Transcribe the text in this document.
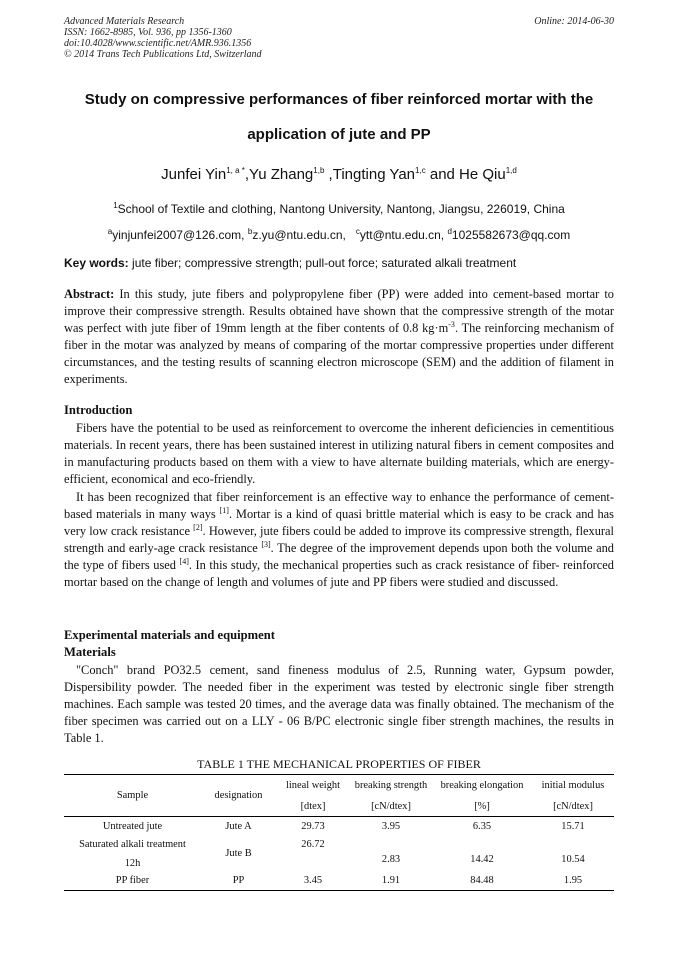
Advanced Materials Research
ISSN: 1662-8985, Vol. 936, pp 1356-1360
doi:10.4028/www.scientific.net/AMR.936.1356
© 2014 Trans Tech Publications Ltd, Switzerland
Online: 2014-06-30
Study on compressive performances of fiber reinforced mortar with the
application of jute and PP
Junfei Yin$^{1, a *}$,Yu Zhang$^{1,b}$ ,Tingting Yan$^{1,c}$ and He Qiu$^{1,d}$
$^1$School of Textile and clothing, Nantong University, Nantong, Jiangsu, 226019, China
$^a$yinjunfei2007@126.com, $^b$z.yu@ntu.edu.cn, $^c$ytt@ntu.edu.cn, $^d$1025582673@qq.com
Key words: jute fiber; compressive strength; pull-out force; saturated alkali treatment
Abstract: In this study, jute fibers and polypropylene fiber (PP) were added into cement-based mortar to improve their compressive strength. Results obtained have shown that the compressive strength of the motar was perfect with jute fiber of 19mm length at the fiber contents of 0.8 $kg\cdot m^{-3}$. The reinforcing mechanism of fiber in the motar was analyzed by means of comparing of the mortar compressive properties under different circumstances, and the testing results of scanning electron microscope (SEM) and the addition of filament in experiments.
Introduction
Fibers have the potential to be used as reinforcement to overcome the inherent deficiencies in cementitious materials. In recent years, there has been sustained interest in utilizing natural fibers in cement composites and in manufacturing products based on them with a view to have alternate building materials, which are energy-efficient, economical and eco-friendly.
It has been recognized that fiber reinforcement is an effective way to enhance the performance of cement-based materials in many ways [1]. Mortar is a kind of quasi brittle material which is easy to be crack and has very low crack resistance [2]. However, jute fibers could be added to improve its compressive strength, flexural strength and early-age crack resistance [3]. The degree of the improvement depends upon both the volume and the type of fibers used [4]. In this study, the mechanical properties such as crack resistance of fiber- reinforced mortar based on the change of length and volumes of jute and PP fibers were studied and discussed.
Experimental materials and equipment
Materials
"Conch" brand PO32.5 cement, sand fineness modulus of 2.5, Running water, Gypsum powder, Dispersibility powder. The needed fiber in the experiment was tested by electronic single fiber strength machines. Each sample was tested 20 times, and the average data was finally obtained. The mechanism of the fiber specimen was carried out on a LLY - 06 B/PC electronic single fiber strength machines, the results in Table 1.
TABLE 1 THE MECHANICAL PROPERTIES OF FIBER
Sample	designation	lineal weight	breaking strength	breaking elongation	initial modulus
		[dtex]	[cN/dtex]	[%]	[cN/dtex]
Untreated jute	Jute A	29.73	3.95	6.35	15.71

Saturated alkali treatment
12h	Jute B	26.72	2.83	14.42	10.54
PP fiber	PP	3.45	1.91	84.48	1.95
